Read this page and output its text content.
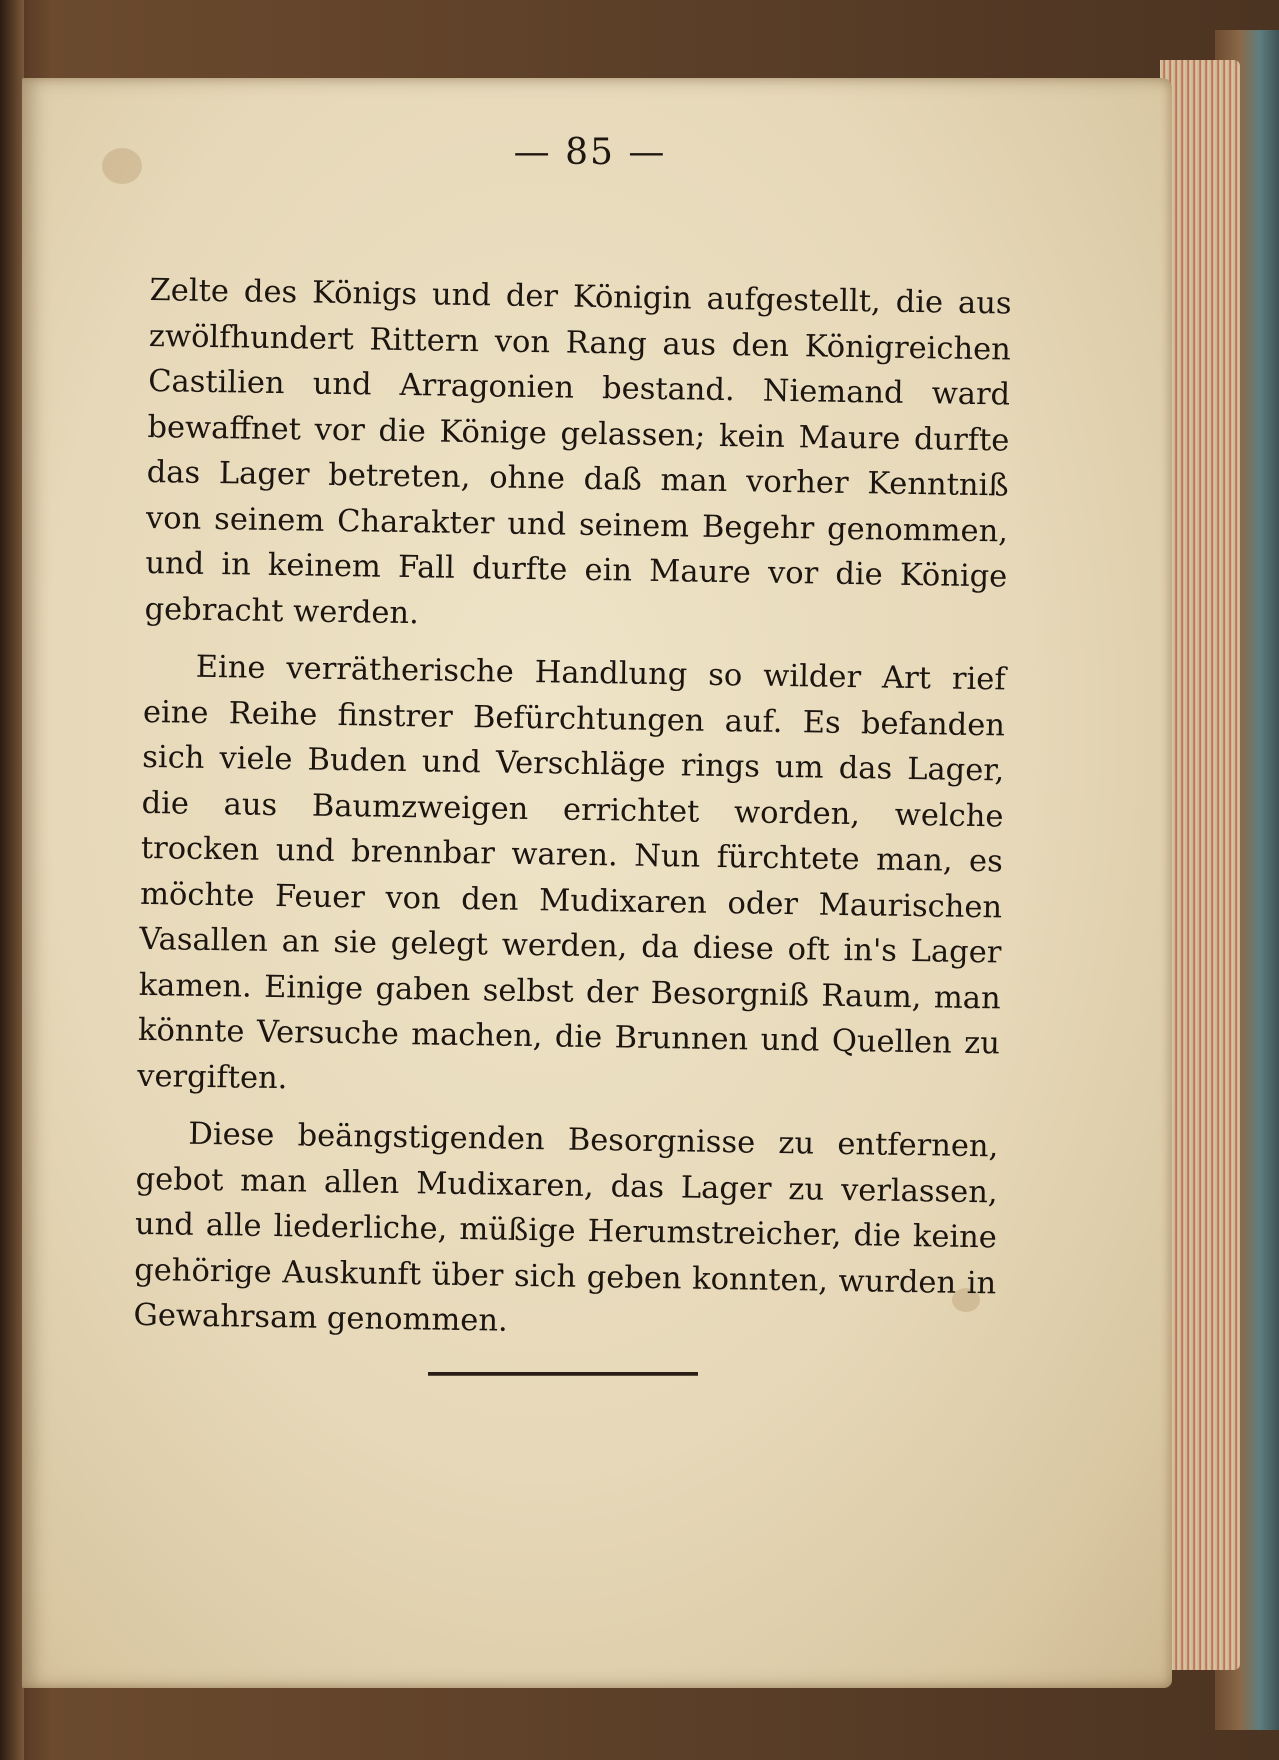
— 85 —

Zelte des Königs und der Königin aufgestellt, die aus zwölfhundert Rittern von Rang aus den Königreichen Castilien und Arragonien bestand. Niemand ward bewaffnet vor die Könige gelassen; kein Maure durfte das Lager betreten, ohne daß man vorher Kenntniß von seinem Charakter und seinem Begehr genommen, und in keinem Fall durfte ein Maure vor die Könige gebracht werden.

Eine verrätherische Handlung so wilder Art rief eine Reihe finstrer Befürchtungen auf. Es befanden sich viele Buden und Verschläge rings um das Lager, die aus Baumzweigen errichtet worden, welche trocken und brennbar waren. Nun fürchtete man, es möchte Feuer von den Mudixaren oder Maurischen Vasallen an sie gelegt werden, da diese oft in's Lager kamen. Einige gaben selbst der Besorgniß Raum, man könnte Versuche machen, die Brunnen und Quellen zu vergiften.

Diese beängstigenden Besorgnisse zu entfernen, gebot man allen Mudixaren, das Lager zu verlassen, und alle liederliche, müßige Herumstreicher, die keine gehörige Auskunft über sich geben konnten, wurden in Gewahrsam genommen.
